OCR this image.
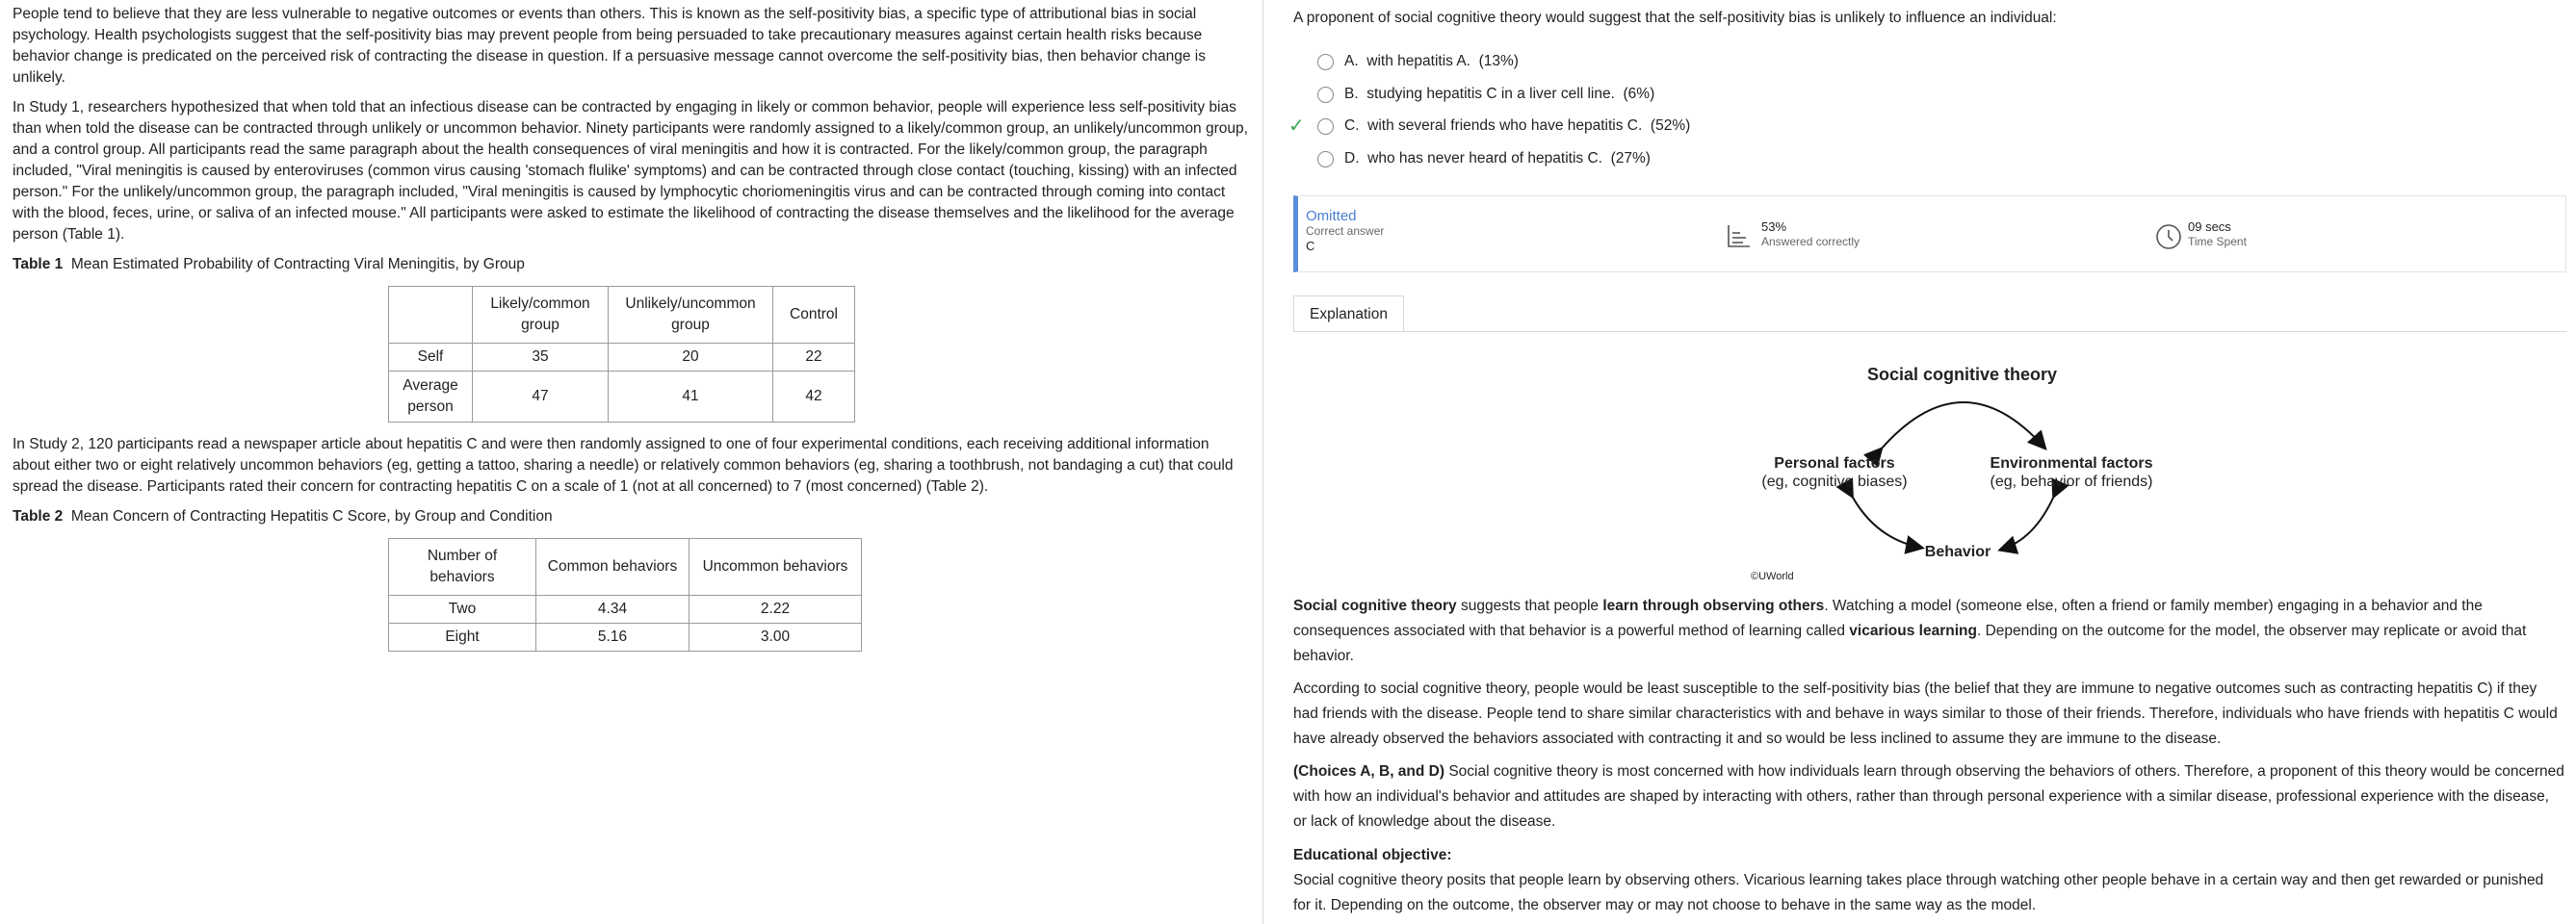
People tend to believe that they are less vulnerable to negative outcomes or events than others. This is known as the self-positivity bias, a specific type of attributional bias in social psychology. Health psychologists suggest that the self-positivity bias may prevent people from being persuaded to take precautionary measures against certain health risks because behavior change is predicated on the perceived risk of contracting the disease in question. If a persuasive message cannot overcome the self-positivity bias, then behavior change is unlikely.

In Study 1, researchers hypothesized that when told that an infectious disease can be contracted by engaging in likely or common behavior, people will experience less self-positivity bias than when told the disease can be contracted through unlikely or uncommon behavior. Ninety participants were randomly assigned to a likely/common group, an unlikely/uncommon group, and a control group. All participants read the same paragraph about the health consequences of viral meningitis and how it is contracted. For the likely/common group, the paragraph included, "Viral meningitis is caused by enteroviruses (common virus causing 'stomach flulike' symptoms) and can be contracted through close contact (touching, kissing) with an infected person." For the unlikely/uncommon group, the paragraph included, "Viral meningitis is caused by lymphocytic choriomeningitis virus and can be contracted through coming into contact with the blood, feces, urine, or saliva of an infected mouse." All participants were asked to estimate the likelihood of contracting the disease themselves and the likelihood for the average person (Table 1).

Table 1 Mean Estimated Probability of Contracting Viral Meningitis, by Group
	Likely/common group	Unlikely/uncommon group	Control
Self	35	20	22
Average person	47	41	42

In Study 2, 120 participants read a newspaper article about hepatitis C and were then randomly assigned to one of four experimental conditions, each receiving additional information about either two or eight relatively uncommon behaviors (eg, getting a tattoo, sharing a needle) or relatively common behaviors (eg, sharing a toothbrush, not bandaging a cut) that could spread the disease. Participants rated their concern for contracting hepatitis C on a scale of 1 (not at all concerned) to 7 (most concerned) (Table 2).

Table 2 Mean Concern of Contracting Hepatitis C Score, by Group and Condition
Number of behaviors	Common behaviors	Uncommon behaviors
Two	4.34	2.22
Eight	5.16	3.00
A proponent of social cognitive theory would suggest that the self-positivity bias is unlikely to influence an individual:
A.
with hepatitis A.
(13%)
B.
studying hepatitis C in a liver cell line.
(6%)
✓	C.
with several friends who have hepatitis C.
(52%)
D.
who has never heard of hepatitis C.
(27%)
Omitted
Correct answer
C
53%
Answered correctly
09 secs
Time Spent
Explanation
Social cognitive theory
Personal factors
(eg, cognitive biases)
Environmental factors
(eg, behavior of friends)
Behavior
©UWorld

Social cognitive theory suggests that people learn through observing others. Watching a model (someone else, often a friend or family member) engaging in a behavior and the consequences associated with that behavior is a powerful method of learning called vicarious learning. Depending on the outcome for the model, the observer may replicate or avoid that behavior.

According to social cognitive theory, people would be least susceptible to the self-positivity bias (the belief that they are immune to negative outcomes such as contracting hepatitis C) if they had friends with the disease. People tend to share similar characteristics with and behave in ways similar to those of their friends. Therefore, individuals who have friends with hepatitis C would have already observed the behaviors associated with contracting it and so would be less inclined to assume they are immune to the disease.

(Choices A, B, and D) Social cognitive theory is most concerned with how individuals learn through observing the behaviors of others. Therefore, a proponent of this theory would be concerned with how an individual's behavior and attitudes are shaped by interacting with others, rather than through personal experience with a similar disease, professional experience with the disease, or lack of knowledge about the disease.

Educational objective:

Social cognitive theory posits that people learn by observing others. Vicarious learning takes place through watching other people behave in a certain way and then get rewarded or punished for it. Depending on the outcome, the observer may or may not choose to behave in the same way as the model.
